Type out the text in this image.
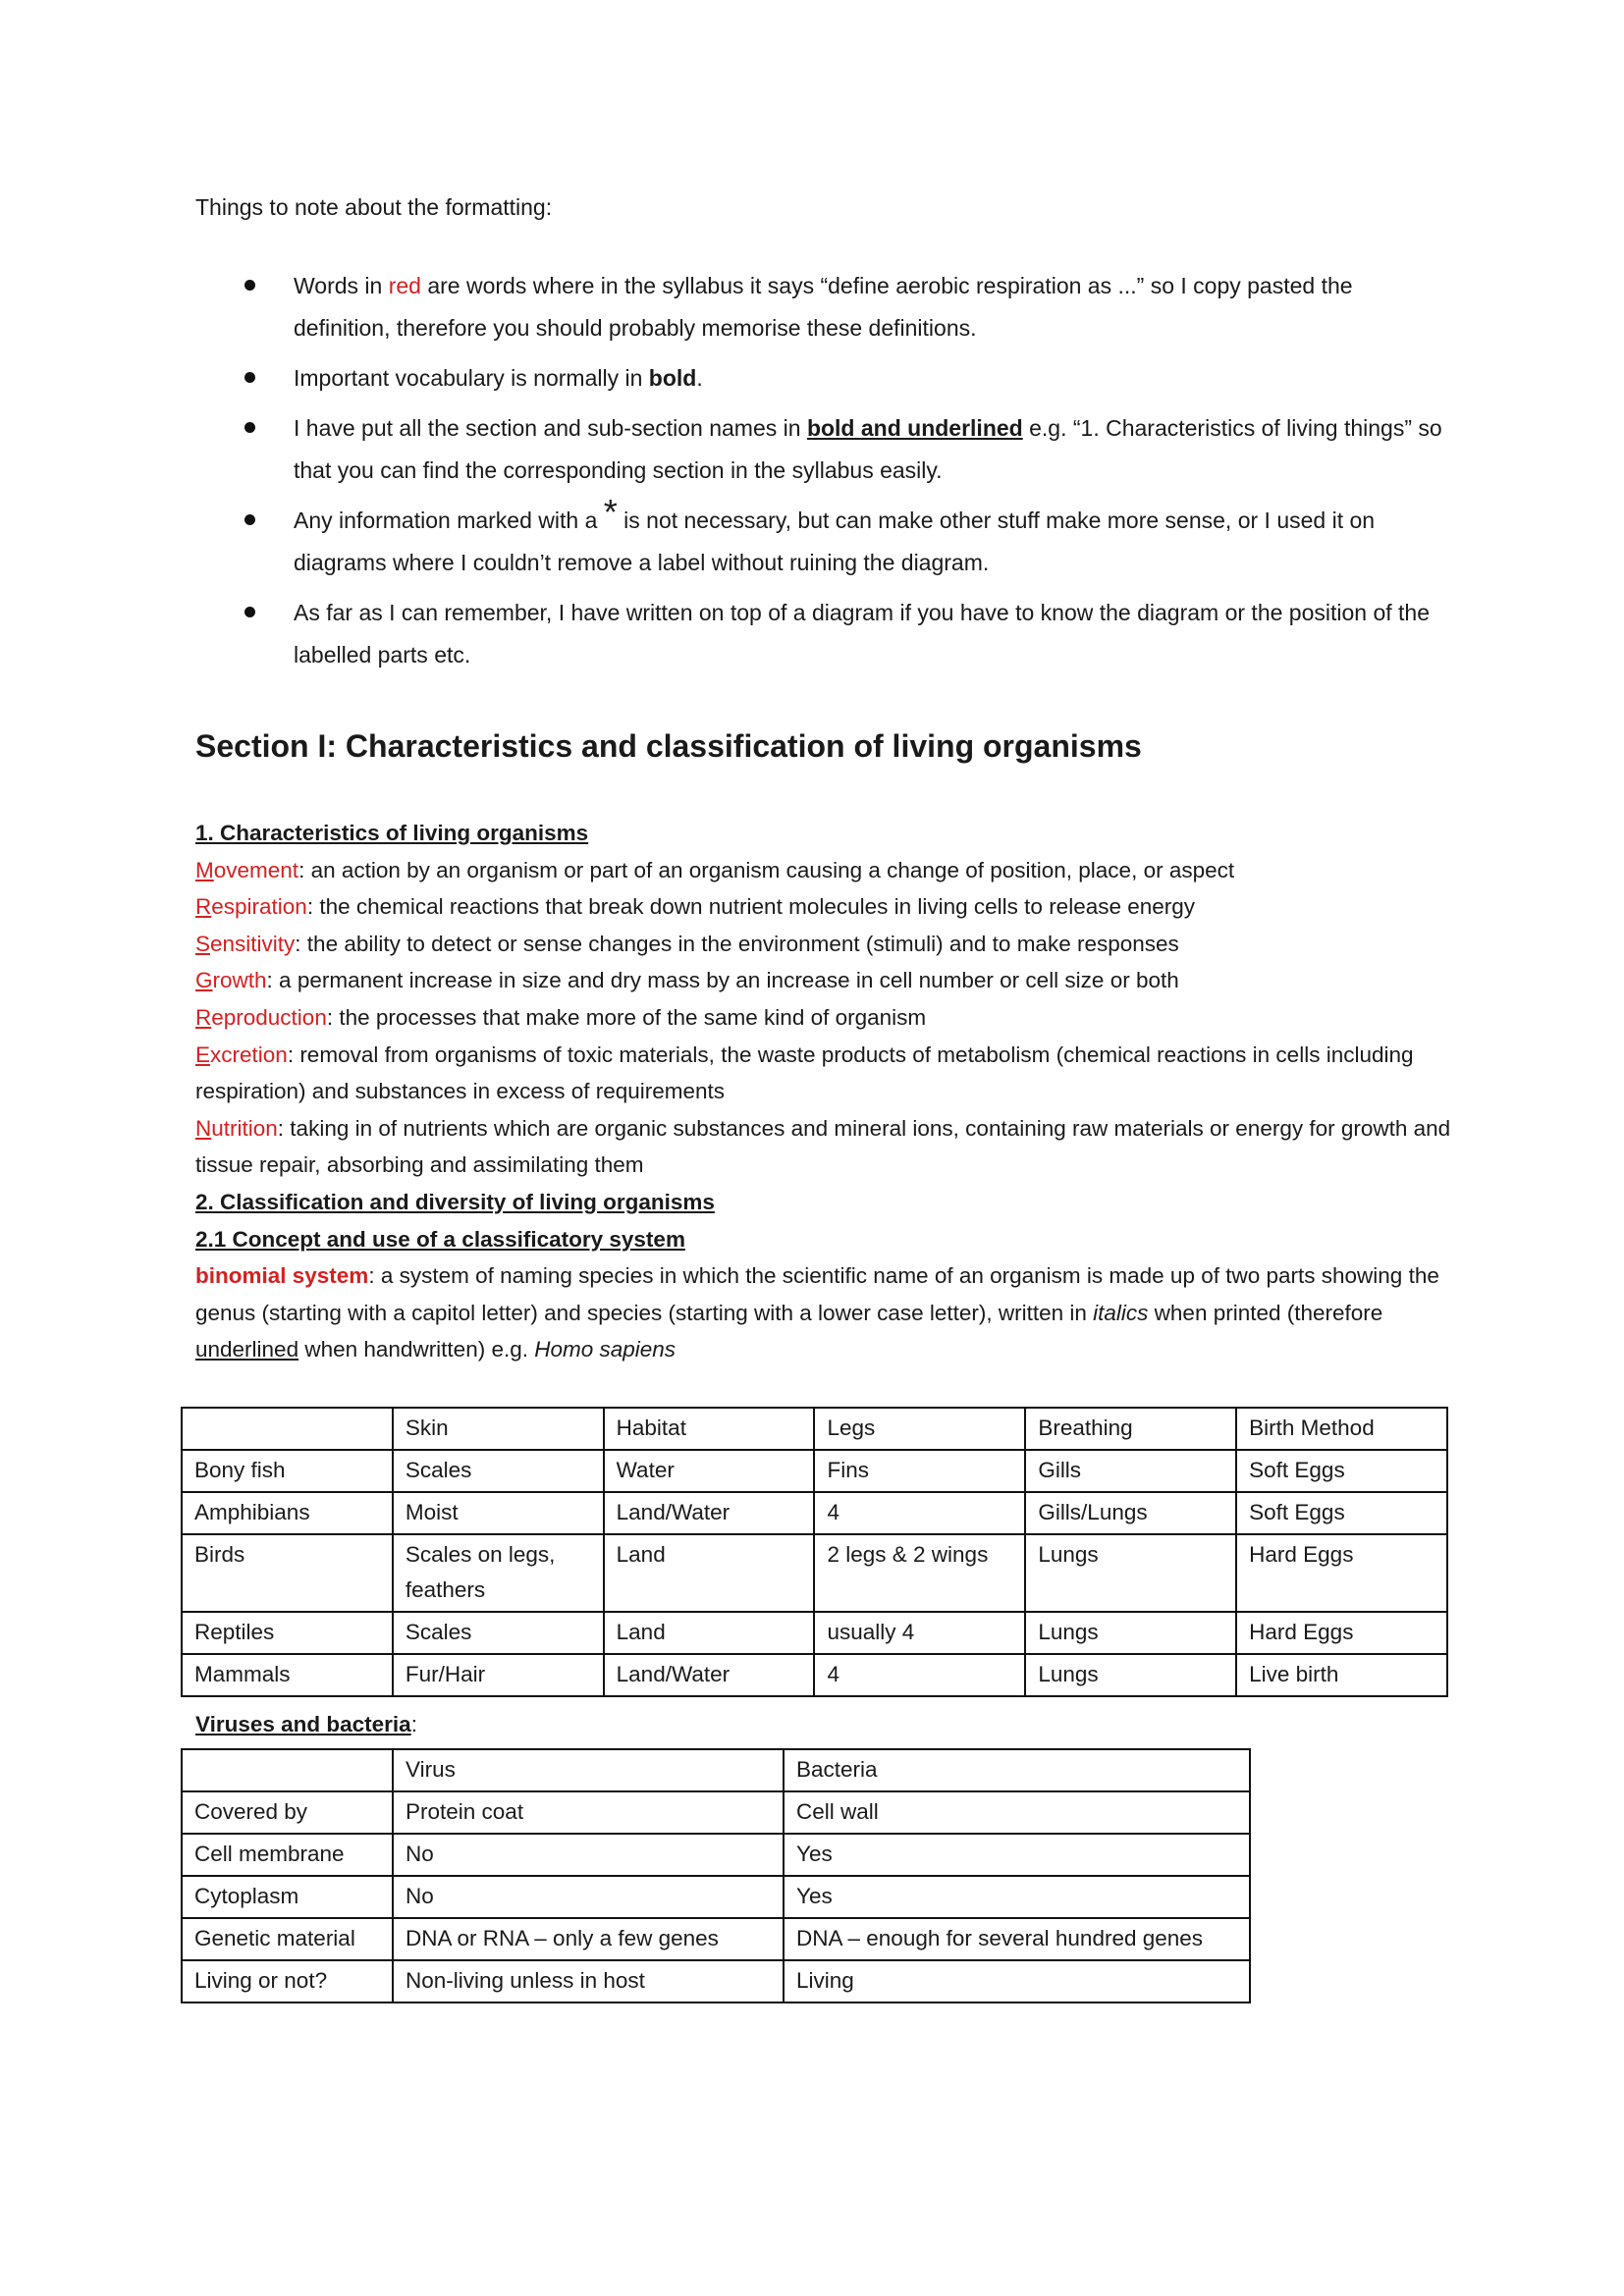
Things to note about the formatting:
Words in red are words where in the syllabus it says “define aerobic respiration as ...” so I copy pasted the definition, therefore you should probably memorise these definitions.
Important vocabulary is normally in bold.
I have put all the section and sub-section names in bold and underlined e.g. “1. Characteristics of living things” so that you can find the corresponding section in the syllabus easily.
Any information marked with a * is not necessary, but can make other stuff make more sense, or I used it on diagrams where I couldn’t remove a label without ruining the diagram.
As far as I can remember, I have written on top of a diagram if you have to know the diagram or the position of the labelled parts etc.
Section I: Characteristics and classification of living organisms
1. Characteristics of living organisms
Movement: an action by an organism or part of an organism causing a change of position, place, or aspect
Respiration: the chemical reactions that break down nutrient molecules in living cells to release energy
Sensitivity: the ability to detect or sense changes in the environment (stimuli) and to make responses
Growth: a permanent increase in size and dry mass by an increase in cell number or cell size or both
Reproduction: the processes that make more of the same kind of organism
Excretion: removal from organisms of toxic materials, the waste products of metabolism (chemical reactions in cells including respiration) and substances in excess of requirements
Nutrition: taking in of nutrients which are organic substances and mineral ions, containing raw materials or energy for growth and tissue repair, absorbing and assimilating them
2. Classification and diversity of living organisms
2.1 Concept and use of a classificatory system
binomial system: a system of naming species in which the scientific name of an organism is made up of two parts showing the genus (starting with a capitol letter) and species (starting with a lower case letter), written in italics when printed (therefore underlined when handwritten) e.g. Homo sapiens
	Skin	Habitat	Legs	Breathing	Birth Method
Bony fish	Scales	Water	Fins	Gills	Soft Eggs
Amphibians	Moist	Land/Water	4	Gills/Lungs	Soft Eggs
Birds	Scales on legs, feathers	Land	2 legs & 2 wings	Lungs	Hard Eggs
Reptiles	Scales	Land	usually 4	Lungs	Hard Eggs
Mammals	Fur/Hair	Land/Water	4	Lungs	Live birth
Viruses and bacteria:
	Virus	Bacteria
Covered by	Protein coat	Cell wall
Cell membrane	No	Yes
Cytoplasm	No	Yes
Genetic material	DNA or RNA – only a few genes	DNA – enough for several hundred genes
Living or not?	Non-living unless in host	Living
